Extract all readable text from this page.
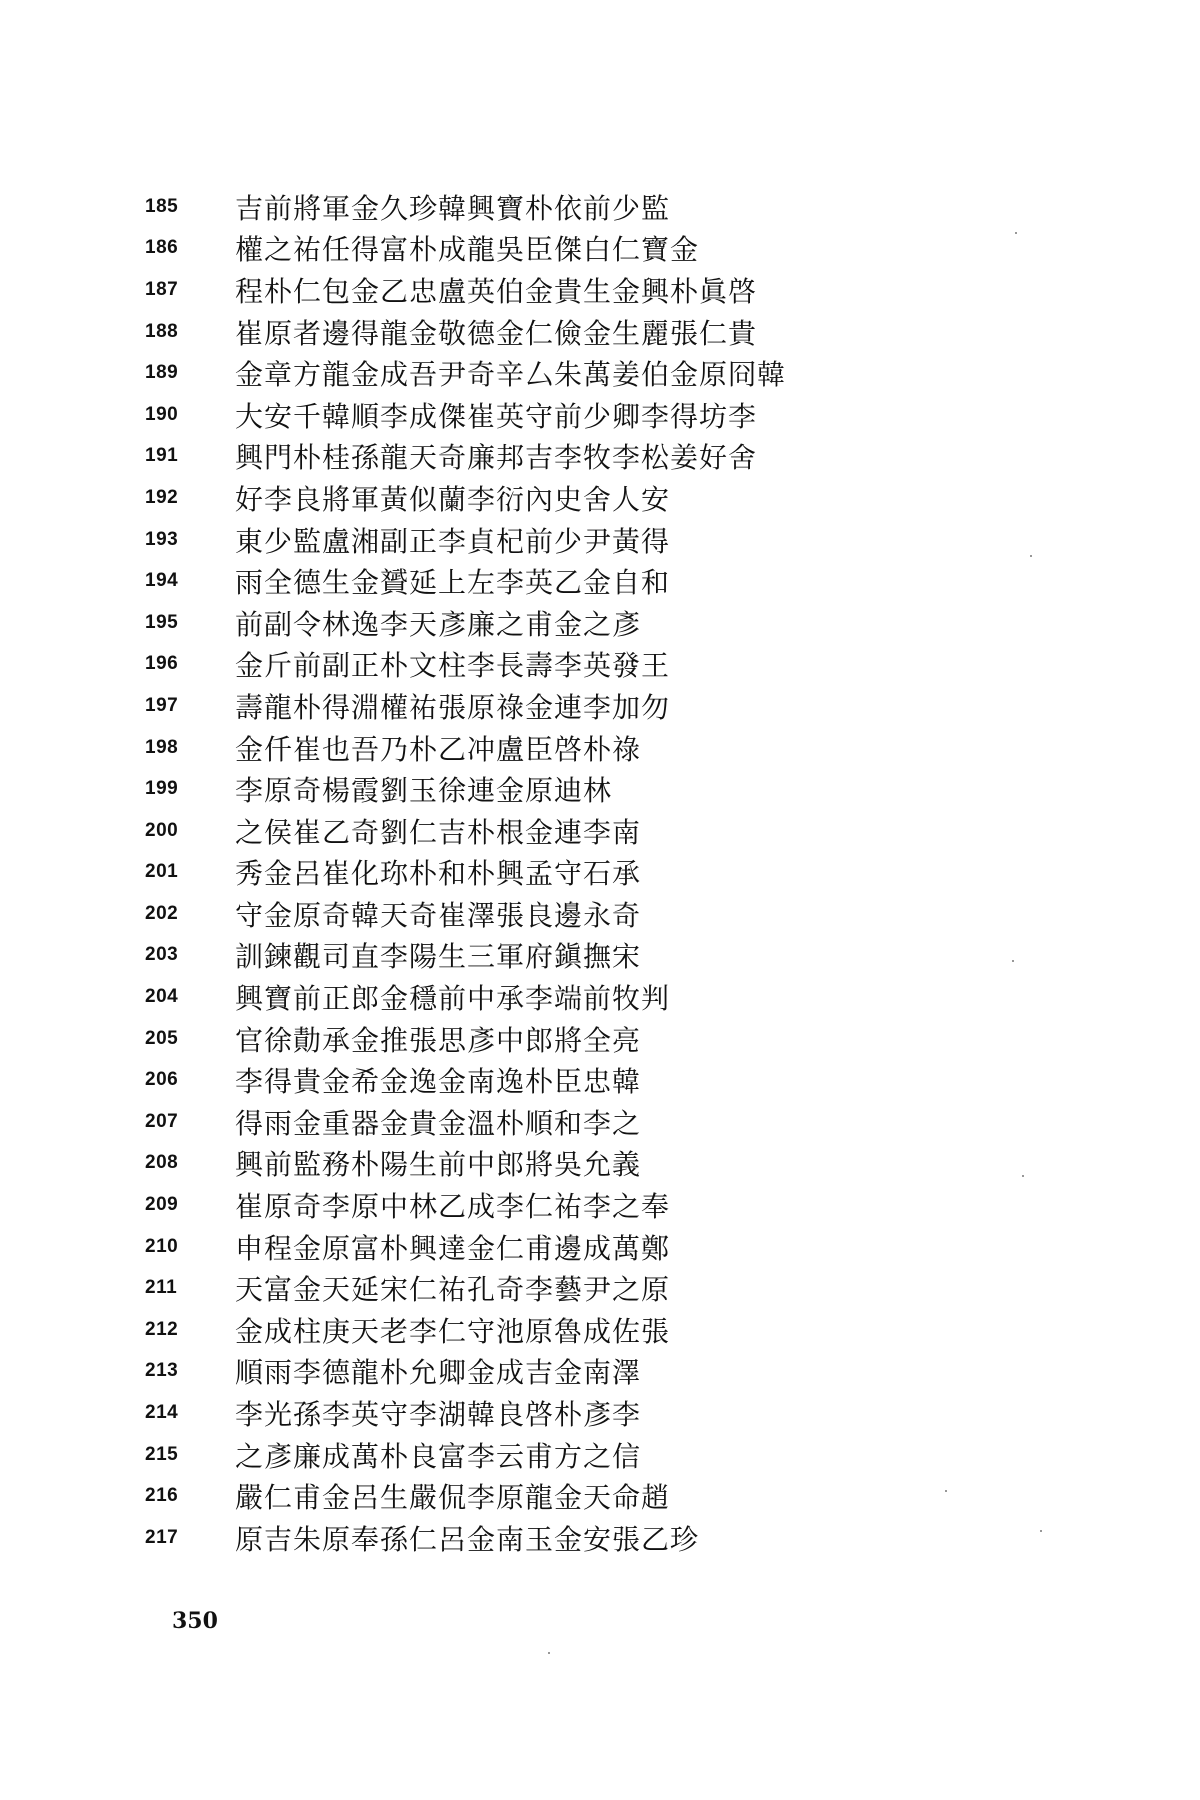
185	吉前將軍金久珍韓興寶朴依前少監
186	權之祐任得富朴成龍吳臣傑白仁寶金
187	程朴仁包金乙忠盧英伯金貴生金興朴眞啓
188	崔原者邊得龍金敬德金仁儉金生麗張仁貴
189	金章方龍金成吾尹奇辛厶朱萬姜伯金原冏韓
190	大安千韓順李成傑崔英守前少卿李得坊李
191	興門朴桂孫龍天奇廉邦吉李牧李松姜好舍
192	好李良將軍黃似蘭李衍內史舍人安
193	東少監盧湘副正李貞杞前少尹黃得
194	雨全德生金贇延上左李英乙金自和
195	前副令林逸李天彥廉之甫金之彥
196	金斤前副正朴文柱李長壽李英發王
197	壽龍朴得淵權祐張原祿金連李加勿
198	金仟崔也吾乃朴乙冲盧臣啓朴祿
199	李原奇楊霞劉玉徐連金原迪林
200	之侯崔乙奇劉仁吉朴根金連李南
201	秀金呂崔化珎朴和朴興孟守石承
202	守金原奇韓天奇崔澤張良邊永奇
203	訓鍊觀司直李陽生三軍府鎭撫宋
204	興寶前正郎金穩前中承李端前牧判
205	官徐勣承金推張思彥中郎將全亮
206	李得貴金希金逸金南逸朴臣忠韓
207	得雨金重器金貴金溫朴順和李之
208	興前監務朴陽生前中郎將吳允義
209	崔原奇李原中林乙成李仁祐李之奉
210	申程金原富朴興達金仁甫邊成萬鄭
211	天富金天延宋仁祐孔奇李藝尹之原
212	金成柱庚天老李仁守池原魯成佐張
213	順雨李德龍朴允卿金成吉金南澤
214	李光孫李英守李湖韓良啓朴彥李
215	之彥廉成萬朴良富李云甫方之信
216	嚴仁甫金呂生嚴侃李原龍金天命趙
217	原吉朱原奉孫仁呂金南玉金安張乙珍
350
